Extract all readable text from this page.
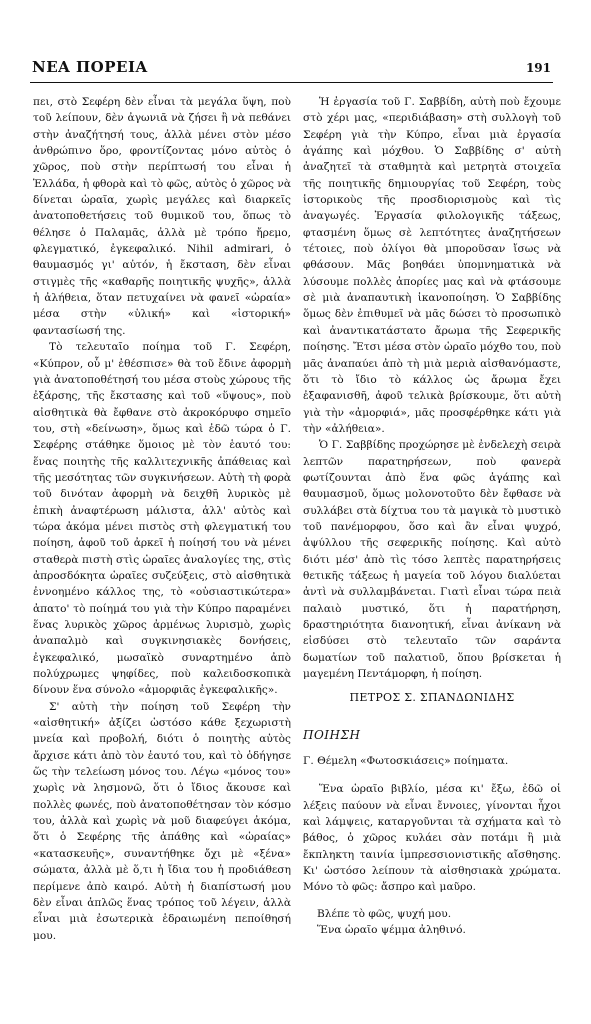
ΝΕΑ ΠΟΡΕΙΑ	191

πει, στὸ Σεφέρη δὲν εἶναι τὰ μεγάλα ὕψη, ποὺ τοῦ λείπουν, δὲν ἀγωνιᾶ νὰ ζήσει ἢ νὰ πεθάνει στὴν ἀναζήτησή τους, ἀλλὰ μένει στὸν μέσο ἀνθρώπινο ὅρο, φροντίζοντας μόνο αὐτὸς ὁ χῶρος, ποὺ στὴν περίπτωσή του εἶναι ἡ Ἑλλάδα, ἡ φθορὰ καὶ τὸ φῶς, αὐτὸς ὁ χῶρος νὰ δίνεται ὡραῖα, χωρὶς μεγάλες καὶ διαρκεῖς ἀνατοποθετήσεις τοῦ θυμικοῦ του, ὅπως τὸ θέλησε ὁ Παλαμᾶς, ἀλλὰ μὲ τρόπο ἤρεμο, φλεγματικό, ἐγκεφαλικό. Nihil admirari, ὁ θαυμασμός γι' αὐτόν, ἡ ἔκσταση, δὲν εἶναι στιγμὲς τῆς «καθαρῆς ποιητικῆς ψυχῆς», ἀλλὰ ἡ ἀλήθεια, ὅταν πετυχαίνει νὰ φανεῖ «ὡραία» μέσα στὴν «ὑλική» καὶ «ἱστορική» φαντασίωσή της.

Τὸ τελευταῖο ποίημα τοῦ Γ. Σεφέρη, «Κύπρον, οὗ μ' ἐθέσπισε» θὰ τοῦ ἔδινε ἀφορμὴ γιὰ ἀνατοποθέτησή του μέσα στοὺς χώρους τῆς ἐξάρσης, τῆς ἔκστασης καὶ τοῦ «ὕψους», ποὺ αἰσθητικὰ θὰ ἔφθανε στὸ ἀκροκόρυφο σημεῖο του, στὴ «δείνωση», ὅμως καὶ ἐδῶ τώρα ὁ Γ. Σεφέρης στάθηκε ὅμοιος μὲ τὸν ἑαυτό του: ἕνας ποιητὴς τῆς καλλιτεχνικῆς ἀπάθειας καὶ τῆς μεσότητας τῶν συγκινήσεων. Αὐτὴ τὴ φορὰ τοῦ δινόταν ἀφορμὴ νὰ δειχθῆ λυρικὸς μὲ ἐπικὴ ἀναφτέρωση μάλιστα, ἀλλ' αὐτὸς καὶ τώρα ἀκόμα μένει πιστὸς στὴ φλεγματική του ποίηση, ἀφοῦ τοῦ ἀρκεῖ ἡ ποίησή του νὰ μένει σταθερὰ πιστὴ στὶς ὡραῖες ἀναλογίες της, στὶς ἀπροσδόκητα ὡραῖες συζεύξεις, στὸ αἰσθητικὰ ἐννοημένο κάλλος της, τὸ «οὐσιαστικώτερα» ἀπατο' τὸ ποίημά του γιὰ τὴν Κύπρο παραμένει ἕνας λυρικὸς χῶρος ἀρμένως λυρισμὸ, χωρὶς ἀναπαλμὸ καὶ συγκινησιακὲς δονήσεις, ἐγκεφαλικό, μωσαϊκὸ συναρτημένο ἀπὸ πολύχρωμες ψηφίδες, ποὺ καλειδοσκοπικὰ δίνουν ἕνα σύνολο «ἀμορφιᾶς ἐγκεφαλικῆς».

Σ' αὐτὴ τὴν ποίηση τοῦ Σεφέρη τὴν «αἰσθητική» ἀξίζει ὡστόσο κάθε ξεχωριστὴ μνεία καὶ προβολή, διότι ὁ ποιητὴς αὐτὸς ἄρχισε κάτι ἀπὸ τὸν ἑαυτό του, καὶ τὸ ὁδήγησε ὥς τὴν τελείωση μόνος του. Λέγω «μόνος του» χωρὶς νὰ λησμονῶ, ὅτι ὁ ἴδιος ἄκουσε καὶ πολλὲς φωνές, ποὺ ἀνατοποθέτησαν τὸν κόσμο του, ἀλλὰ καὶ χωρὶς νὰ μοῦ διαφεύγει ἀκόμα, ὅτι ὁ Σεφέρης τῆς ἀπάθης καὶ «ὡραίας» «κατασκευῆς», συναντήθηκε ὄχι μὲ «ξένα» σώματα, ἀλλὰ μὲ ὅ,τι ἡ ἴδια του ἡ προδιάθεση περίμενε ἀπὸ καιρό. Αὐτὴ ἡ διαπίστωσή μου δὲν εἶναι ἁπλῶς ἕνας τρόπος τοῦ λέγειν, ἀλλὰ εἶναι μιὰ ἐσωτερικὰ ἑδραιωμένη πεποίθησή μου.

Ἡ ἐργασία τοῦ Γ. Σαββίδη, αὐτὴ ποὺ ἔχουμε στὸ χέρι μας, «περιδιάβαση» στὴ συλλογὴ τοῦ Σεφέρη γιὰ τὴν Κύπρο, εἶναι μιὰ ἐργασία ἀγάπης καὶ μόχθου. Ὁ Σαββίδης σ' αὐτὴ ἀναζητεῖ τὰ σταθμητὰ καὶ μετρητὰ στοιχεῖα τῆς ποιητικῆς δημιουργίας τοῦ Σεφέρη, τοὺς ἱστορικοὺς τῆς προσδιορισμοὺς καὶ τὶς ἀναγωγές. Ἐργασία φιλολογικῆς τάξεως, φτασμένη ὅμως σὲ λεπτότητες ἀναζητήσεων τέτοιες, ποὺ ὀλίγοι θὰ μποροῦσαν ἴσως νὰ φθάσουν. Μᾶς βοηθάει ὑπομνηματικὰ νὰ λύσουμε πολλὲς ἀπορίες μας καὶ νὰ φτάσουμε σὲ μιὰ ἀναπαυτικὴ ἱκανοποίηση. Ὁ Σαββίδης ὅμως δὲν ἐπιθυμεῖ νὰ μᾶς δώσει τὸ προσωπικὸ καὶ ἀναντικατάστατο ἄρωμα τῆς Σεφερικῆς ποίησης. Ἔτσι μέσα στὸν ὡραῖο μόχθο του, ποὺ μᾶς ἀναπαύει ἀπὸ τὴ μιὰ μεριὰ αἰσθανόμαστε, ὅτι τὸ ἴδιο τὸ κάλλος ὡς ἄρωμα ἔχει ἐξαφανισθῆ, ἀφοῦ τελικὰ βρίσκουμε, ὅτι αὐτὴ γιὰ τὴν «ἀμορφιά», μᾶς προσφέρθηκε κάτι γιὰ τὴν «ἀλήθεια».

Ὁ Γ. Σαββίδης προχώρησε μὲ ἐνδελεχὴ σειρὰ λεπτῶν παρατηρήσεων, ποὺ φανερὰ φωτίζουνται ἀπὸ ἕνα φῶς ἀγάπης καὶ θαυμασμοῦ, ὅμως μολονοτοῦτο δὲν ἔφθασε νὰ συλλάβει στὰ δίχτυα του τὰ μαγικὰ τὸ μυστικὸ τοῦ πανέμορφου, ὅσο καὶ ἂν εἶναι ψυχρό, ἀψύλλου τῆς σεφερικῆς ποίησης. Καὶ αὐτὸ διότι μέσ' ἀπὸ τὶς τόσο λεπτὲς παρατηρήσεις θετικῆς τάξεως ἡ μαγεία τοῦ λόγου διαλύεται ἀντὶ νὰ συλλαμβάνεται. Γιατὶ εἶναι τώρα πειὰ παλαιὸ μυστικό, ὅτι ἡ παρατήρηση, δραστηριότητα διανοητική, εἶναι ἀνίκανη νὰ εἰσδύσει στὸ τελευταῖο τῶν σαράντα δωματίων τοῦ παλατιοῦ, ὅπου βρίσκεται ἡ μαγεμένη Πεντάμορφη, ἡ ποίηση.

ΠΕΤΡΟΣ Σ. ΣΠΑΝΔΩΝΙΔΗΣ

ΠΟΙΗΣΗ

Γ. Θέμελη «Φωτοσκιάσεις» ποίηματα.

Ἕνα ὡραῖο βιβλίο, μέσα κι' ἔξω, ἐδῶ οἱ λέξεις παύουν νὰ εἶναι ἔννοιες, γίνονται ἦχοι καὶ λάμψεις, καταργοῦνται τὰ σχήματα καὶ τὸ βάθος, ὁ χῶρος κυλάει σὰν ποτάμι ἢ μιὰ ἔκπληκτη ταινία ἰμπρεσσιονιστικῆς αἴσθησης. Κι' ὡστόσο λείπουν τὰ αἰσθησιακὰ χρώματα. Μόνο τὸ φῶς: ἄσπρο καὶ μαῦρο.

Βλέπε τὸ φῶς, ψυχή μου.
Ἕνα ὡραῖο ψέμμα ἀληθινό.
